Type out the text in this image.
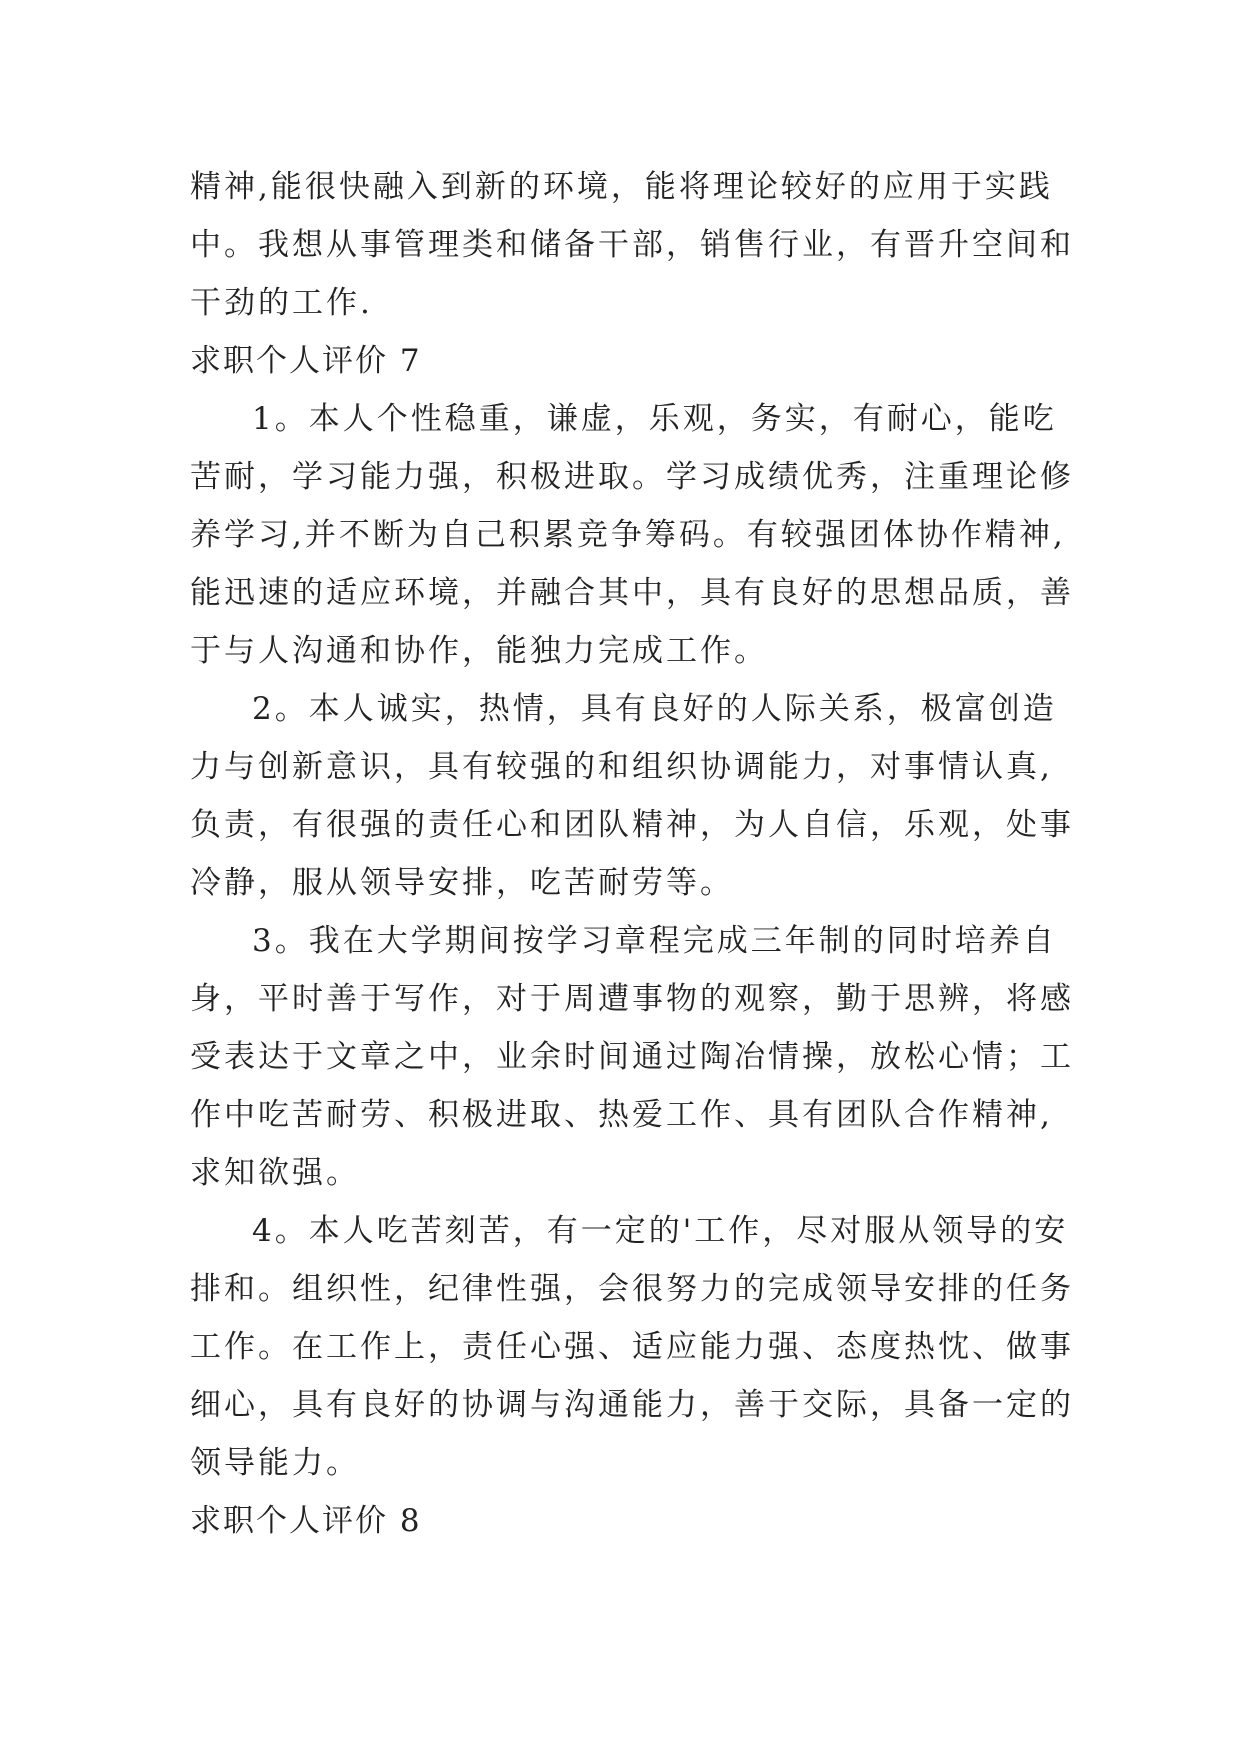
精神,能很快融入到新的环境，能将理论较好的应用于实践
中。我想从事管理类和储备干部，销售行业，有晋升空间和
干劲的工作.
求职个人评价 7
1。本人个性稳重，谦虚，乐观，务实，有耐心，能吃
苦耐，学习能力强，积极进取。学习成绩优秀，注重理论修
养学习,并不断为自己积累竞争筹码。有较强团体协作精神,
能迅速的适应环境，并融合其中，具有良好的思想品质，善
于与人沟通和协作，能独力完成工作。
2。本人诚实，热情，具有良好的人际关系，极富创造
力与创新意识，具有较强的和组织协调能力，对事情认真,
负责，有很强的责任心和团队精神，为人自信，乐观，处事
冷静，服从领导安排，吃苦耐劳等。
3。我在大学期间按学习章程完成三年制的同时培养自
身，平时善于写作，对于周遭事物的观察，勤于思辨，将感
受表达于文章之中，业余时间通过陶冶情操，放松心情；工
作中吃苦耐劳、积极进取、热爱工作、具有团队合作精神,
求知欲强。
4。本人吃苦刻苦，有一定的'工作，尽对服从领导的安
排和。组织性，纪律性强，会很努力的完成领导安排的任务
工作。在工作上，责任心强、适应能力强、态度热忱、做事
细心，具有良好的协调与沟通能力，善于交际，具备一定的
领导能力。
求职个人评价 8
